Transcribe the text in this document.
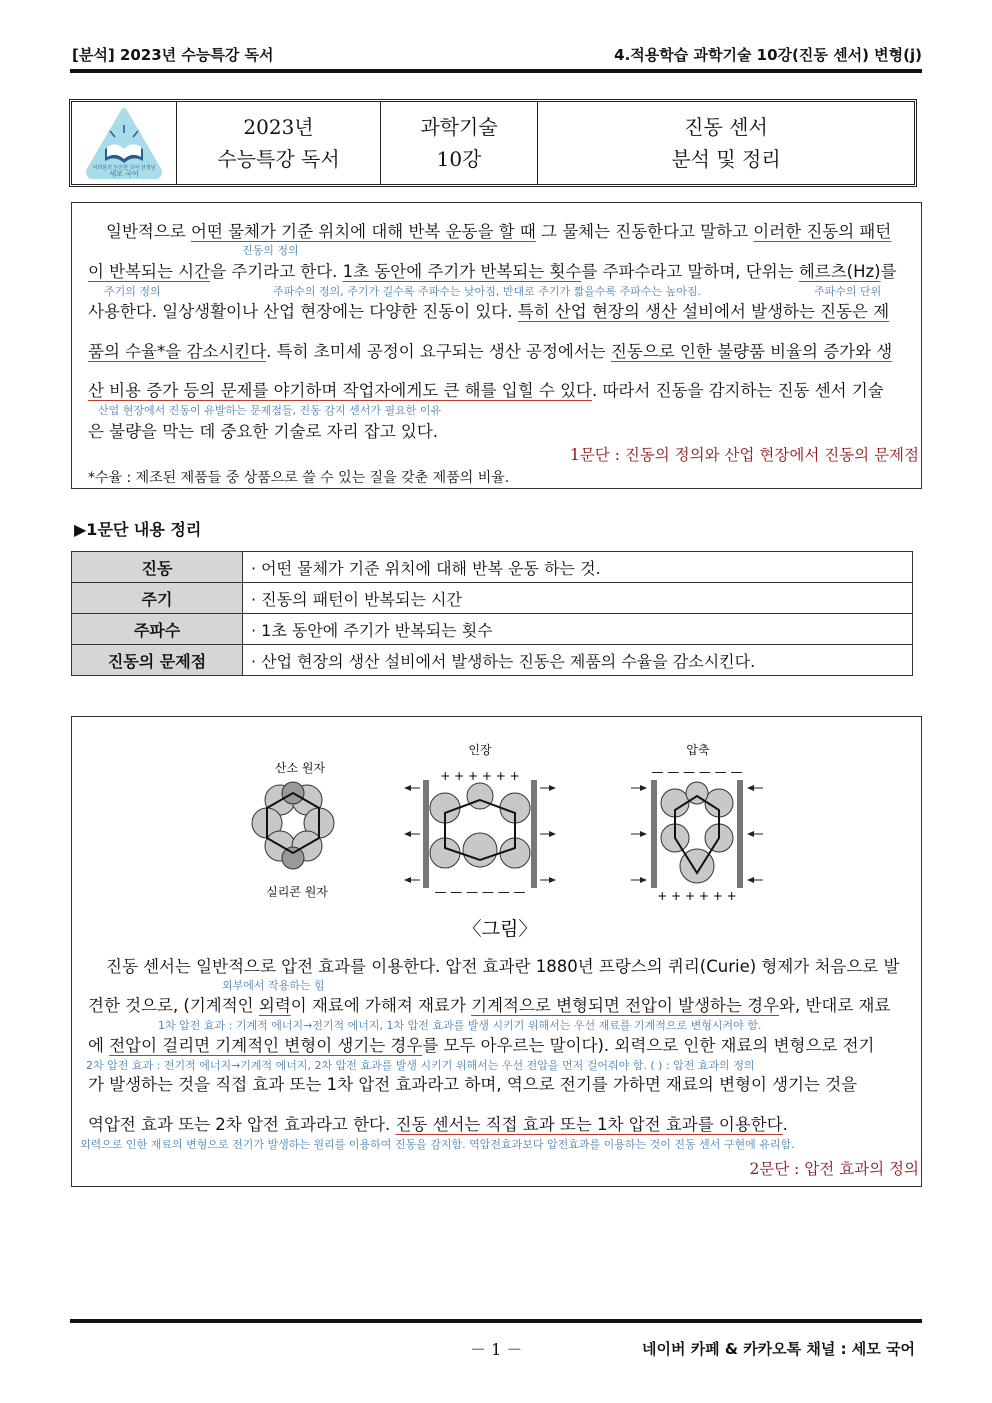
[분석] 2023년 수능특강 독서	4.적용학습 과학기술 10강(진동 센서) 변형(j)
여러분의 든든한 국어 선생님
세모 국어
2023년
수능특강 독서
과학기술
10강
진동 센서
분석 및 정리
일반적으로 어떤 물체가 기준 위치에 대해 반복 운동을 할 때 그 물체는 진동한다고 말하고 이러한 진동의 패턴
진동의 정의
이 반복되는 시간을 주기라고 한다. 1초 동안에 주기가 반복되는 횟수를 주파수라고 말하며, 단위는 헤르츠(Hz)를
주기의 정의	주파수의 정의, 주기가 길수록 주파수는 낮아짐, 반대로 주기가 짧을수록 주파수는 높아짐.	주파수의 단위
사용한다. 일상생활이나 산업 현장에는 다양한 진동이 있다. 특히 산업 현장의 생산 설비에서 발생하는 진동은 제
품의 수율*을 감소시킨다. 특히 초미세 공정이 요구되는 생산 공정에서는 진동으로 인한 불량품 비율의 증가와 생
산 비용 증가 등의 문제를 야기하며 작업자에게도 큰 해를 입힐 수 있다. 따라서 진동을 감지하는 진동 센서 기술
산업 현장에서 진동이 유발하는 문제점들, 진동 감지 센서가 필요한 이유
은 불량을 막는 데 중요한 기술로 자리 잡고 있다.
1문단 : 진동의 정의와 산업 현장에서 진동의 문제점
*수율 : 제조된 제품들 중 상품으로 쓸 수 있는 질을 갖춘 제품의 비율.
▶1문단 내용 정리
진동	· 어떤 물체가 기준 위치에 대해 반복 운동 하는 것.
주기	· 진동의 패턴이 반복되는 시간
주파수	· 1초 동안에 주기가 반복되는 횟수
진동의 문제점	· 산업 현장의 생산 설비에서 발생하는 진동은 제품의 수율을 감소시킨다.
진동 센서는 일반적으로 압전 효과를 이용한다. 압전 효과란 1880년 프랑스의 퀴리(Curie) 형제가 처음으로 발
외부에서 작용하는 힘
견한 것으로, (기계적인 외력이 재료에 가해져 재료가 기계적으로 변형되면 전압이 발생하는 경우와, 반대로 재료
1차 압전 효과 : 기계적 에너지→전기적 에너지, 1차 압전 효과를 발생 시키기 위해서는 우선 재료를 기계적으로 변형시켜야 함.
에 전압이 걸리면 기계적인 변형이 생기는 경우를 모두 아우르는 말이다). 외력으로 인한 재료의 변형으로 전기
2차 압전 효과 : 전기적 에너지→기계적 에너지, 2차 압전 효과를 발생 시키기 위해서는 우선 전압을 먼저 걸어줘야 함. ( ) : 압전 효과의 정의
가 발생하는 것을 직접 효과 또는 1차 압전 효과라고 하며, 역으로 전기를 가하면 재료의 변형이 생기는 것을
역압전 효과 또는 2차 압전 효과라고 한다. 진동 센서는 직접 효과 또는 1차 압전 효과를 이용한다.
외력으로 인한 재료의 변형으로 전기가 발생하는 원리를 이용하여 진동을 감지함. 역압전효과보다 압전효과를 이용하는 것이 진동 센서 구현에 유리함.
2문단 : 압전 효과의 정의
산소 원자
실리콘 원자
인장
+ + + + + +
— — — — — —
압축
— — — — — —
+ + + + + +
〈그림〉
－ 1 －	네이버 카페 & 카카오톡 채널 : 세모 국어
